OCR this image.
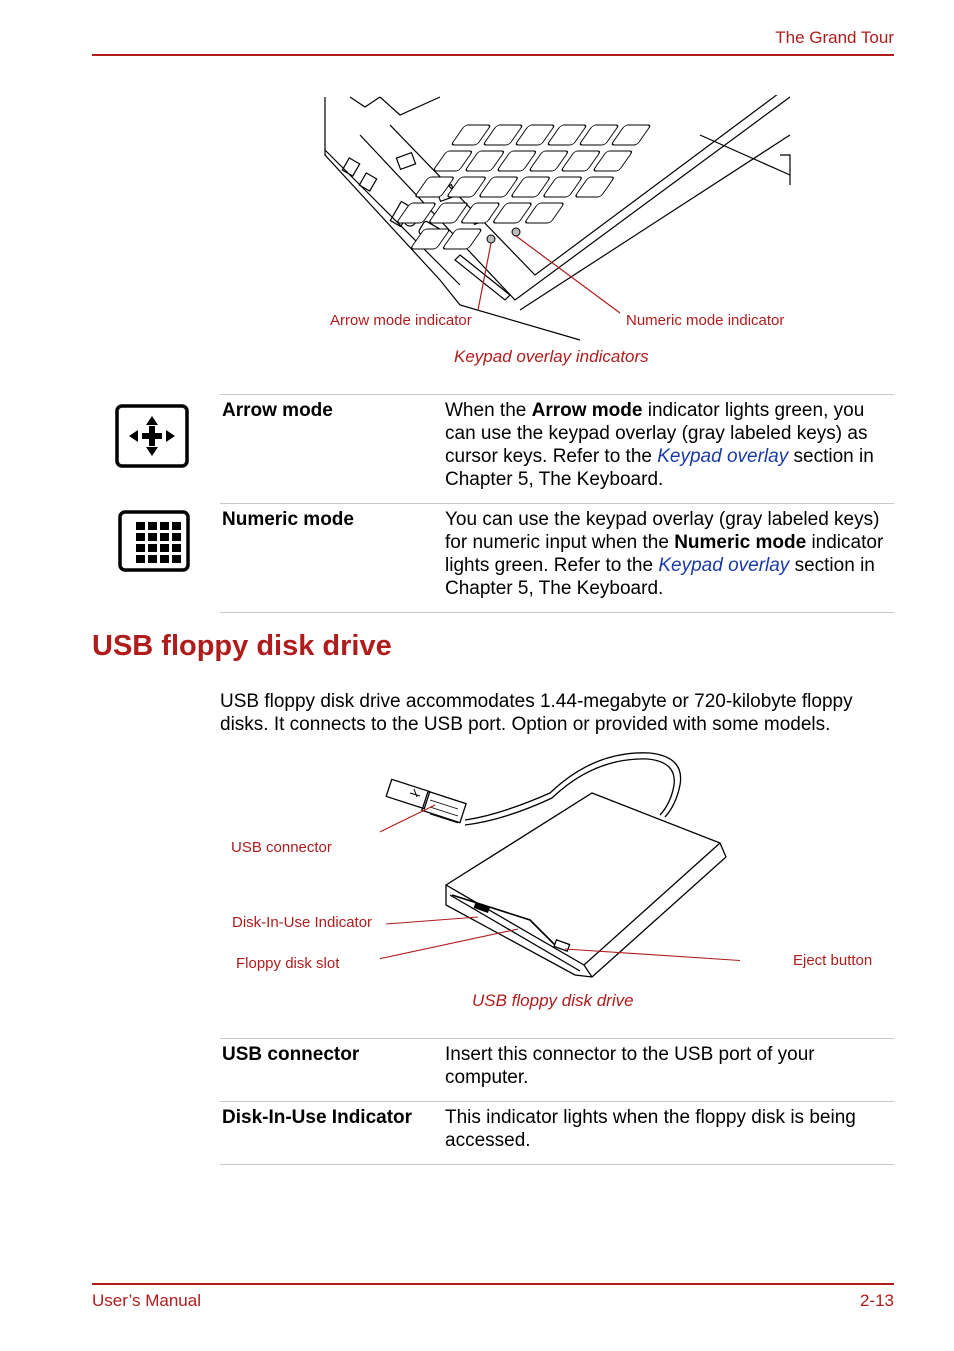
The Grand Tour
Arrow mode indicator	Numeric mode indicator
Keypad overlay indicators
Arrow mode	When the Arrow mode indicator lights green, you can use the keypad overlay (gray labeled keys) as cursor keys. Refer to the Keypad overlay section in Chapter 5, The Keyboard.
Numeric mode	You can use the keypad overlay (gray labeled keys) for numeric input when the Numeric mode indicator lights green. Refer to the Keypad overlay section in Chapter 5, The Keyboard.
USB floppy disk drive
USB floppy disk drive accommodates 1.44-megabyte or 720-kilobyte floppy disks. It connects to the USB port. Option or provided with some models.
USB connector
Disk-In-Use Indicator
Floppy disk slot	Eject button
USB floppy disk drive
USB connector	Insert this connector to the USB port of your computer.
Disk-In-Use Indicator	This indicator lights when the floppy disk is being accessed.
User’s Manual	2-13
